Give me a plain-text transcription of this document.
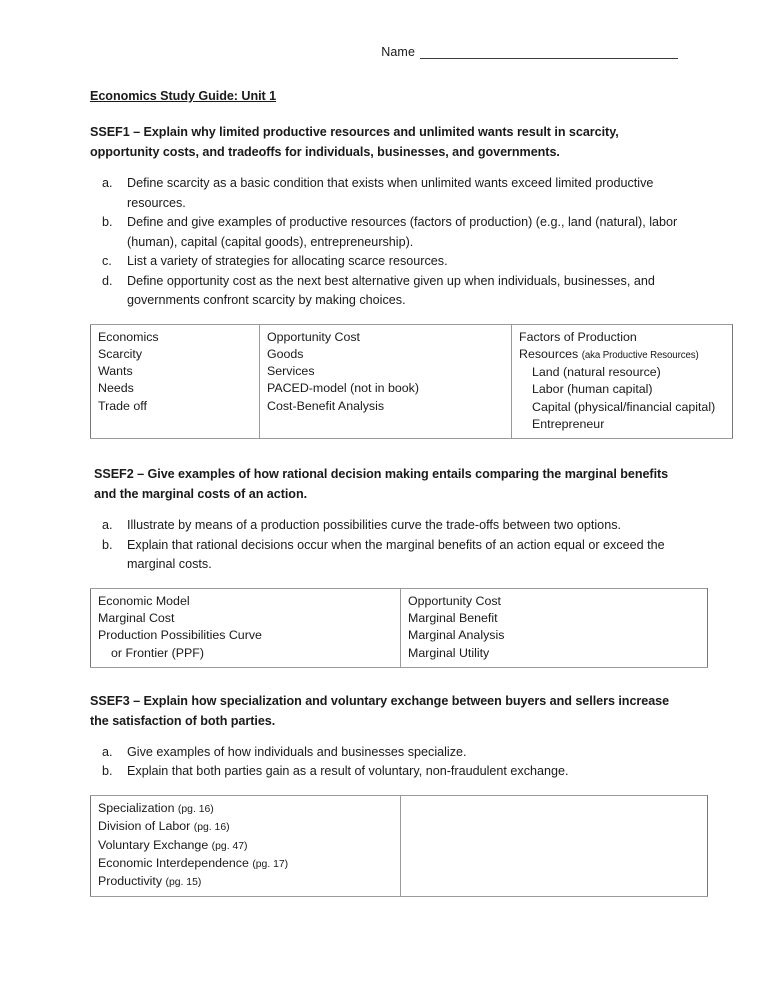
Name
Economics Study Guide: Unit 1
SSEF1 – Explain why limited productive resources and unlimited wants result in scarcity, opportunity costs, and tradeoffs for individuals, businesses, and governments.
a.	Define scarcity as a basic condition that exists when unlimited wants exceed limited productive resources.
b.	Define and give examples of productive resources (factors of production) (e.g., land (natural), labor (human), capital (capital goods), entrepreneurship).
c.	List a variety of strategies for allocating scarce resources.
d.	Define opportunity cost as the next best alternative given up when individuals, businesses, and governments confront scarcity by making choices.
Economics
Scarcity
Wants
Needs
Trade off

Opportunity Cost
Goods
Services
PACED-model (not in book)
Cost-Benefit Analysis

Factors of Production
Resources (aka Productive Resources)
Land (natural resource)
Labor (human capital)
Capital (physical/financial capital)
Entrepreneur
SSEF2 – Give examples of how rational decision making entails comparing the marginal benefits and the marginal costs of an action.
a.	Illustrate by means of a production possibilities curve the trade-offs between two options.
b.	Explain that rational decisions occur when the marginal benefits of an action equal or exceed the marginal costs.
Economic Model
Marginal Cost
Production Possibilities Curve
or Frontier (PPF)

Opportunity Cost
Marginal Benefit
Marginal Analysis
Marginal Utility
SSEF3 – Explain how specialization and voluntary exchange between buyers and sellers increase the satisfaction of both parties.
a.	Give examples of how individuals and businesses specialize.
b.	Explain that both parties gain as a result of voluntary, non-fraudulent exchange.
Specialization (pg. 16)
Division of Labor (pg. 16)
Voluntary Exchange (pg. 47)
Economic Interdependence (pg. 17)
Productivity (pg. 15)
